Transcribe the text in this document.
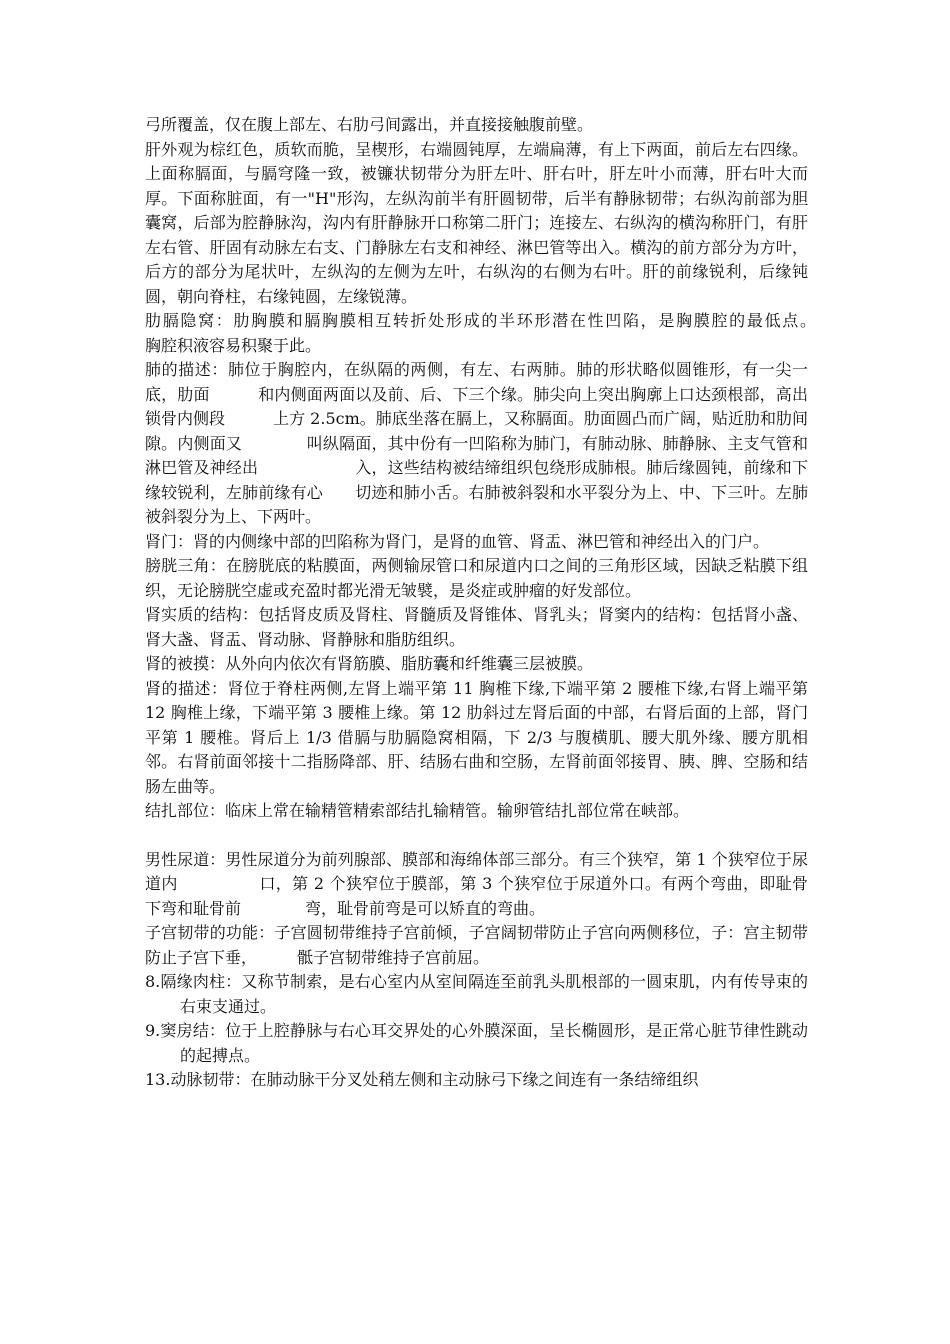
弓所覆盖，仅在腹上部左、右肋弓间露出，并直接接触腹前壁。

肝外观为棕红色，质软而脆，呈楔形，右端圆钝厚，左端扁薄，有上下两面，前后左右四缘。上面称膈面，与膈穹隆一致，被镰状韧带分为肝左叶、肝右叶，肝左叶小而薄，肝右叶大而厚。下面称脏面，有一"H"形沟，左纵沟前半有肝圆韧带，后半有静脉韧带；右纵沟前部为胆囊窝，后部为腔静脉沟，沟内有肝静脉开口称第二肝门；连接左、右纵沟的横沟称肝门，有肝左右管、肝固有动脉左右支、门静脉左右支和神经、淋巴管等出入。横沟的前方部分为方叶，后方的部分为尾状叶，左纵沟的左侧为左叶，右纵沟的右侧为右叶。肝的前缘锐利，后缘钝圆，朝向脊柱，右缘钝圆，左缘锐薄。

肋膈隐窝：肋胸膜和膈胸膜相互转折处形成的半环形潜在性凹陷，是胸膜腔的最低点。　　　　　胸腔积液容易积聚于此。

肺的描述：肺位于胸腔内，在纵隔的两侧，有左、右两肺。肺的形状略似圆锥形，有一尖一底，肋面　　　和内侧面两面以及前、后、下三个缘。肺尖向上突出胸廓上口达颈根部，高出锁骨内侧段　　　上方 2.5cm。肺底坐落在膈上，又称膈面。肋面圆凸而广阔，贴近肋和肋间隙。内侧面又　　　　叫纵隔面，其中份有一凹陷称为肺门，有肺动脉、肺静脉、主支气管和淋巴管及神经出　　　　　　入，这些结构被结缔组织包绕形成肺根。肺后缘圆钝，前缘和下缘较锐利，左肺前缘有心　　切迹和肺小舌。右肺被斜裂和水平裂分为上、中、下三叶。左肺被斜裂分为上、下两叶。

肾门：肾的内侧缘中部的凹陷称为肾门，是肾的血管、肾盂、淋巴管和神经出入的门户。

膀胱三角：在膀胱底的粘膜面，两侧输尿管口和尿道内口之间的三角形区域，因缺乏粘膜下组　　　　　　　　织，无论膀胱空虚或充盈时都光滑无皱襞，是炎症或肿瘤的好发部位。

肾实质的结构：包括肾皮质及肾柱、肾髓质及肾锥体、肾乳头；肾窦内的结构：包括肾小盏、肾大盏、肾盂、肾动脉、肾静脉和脂肪组织。

肾的被摸：从外向内依次有肾筋膜、脂肪囊和纤维囊三层被膜。

肾的描述：肾位于脊柱两侧,左肾上端平第 11 胸椎下缘,下端平第 2 腰椎下缘,右肾上端平第 12 胸椎上缘，下端平第 3 腰椎上缘。第 12 肋斜过左肾后面的中部，右肾后面的上部，肾门平第 1 腰椎。肾后上 1/3 借膈与肋膈隐窝相隔，下 2/3 与腹横肌、腰大肌外缘、腰方肌相邻。右肾前面邻接十二指肠降部、肝、结肠右曲和空肠，左肾前面邻接胃、胰、脾、空肠和结肠左曲等。

结扎部位：临床上常在输精管精索部结扎输精管。输卵管结扎部位常在峡部。

男性尿道：男性尿道分为前列腺部、膜部和海绵体部三部分。有三个狭窄，第 1 个狭窄位于尿道内　　　　　口，第 2 个狭窄位于膜部，第 3 个狭窄位于尿道外口。有两个弯曲，即耻骨下弯和耻骨前　　　　弯，耻骨前弯是可以矫直的弯曲。

子宫韧带的功能：子宫圆韧带维持子宫前倾，子宫阔韧带防止子宫向两侧移位，子：宫主韧带防止子宫下垂，　　　骶子宫韧带维持子宫前屈。

8.隔缘肉柱：又称节制索，是右心室内从室间隔连至前乳头肌根部的一圆束肌，内有传导束的右束支通过。

9.窦房结：位于上腔静脉与右心耳交界处的心外膜深面，呈长椭圆形，是正常心脏节律性跳动的起搏点。

13.动脉韧带：在肺动脉干分叉处稍左侧和主动脉弓下缘之间连有一条结缔组织
